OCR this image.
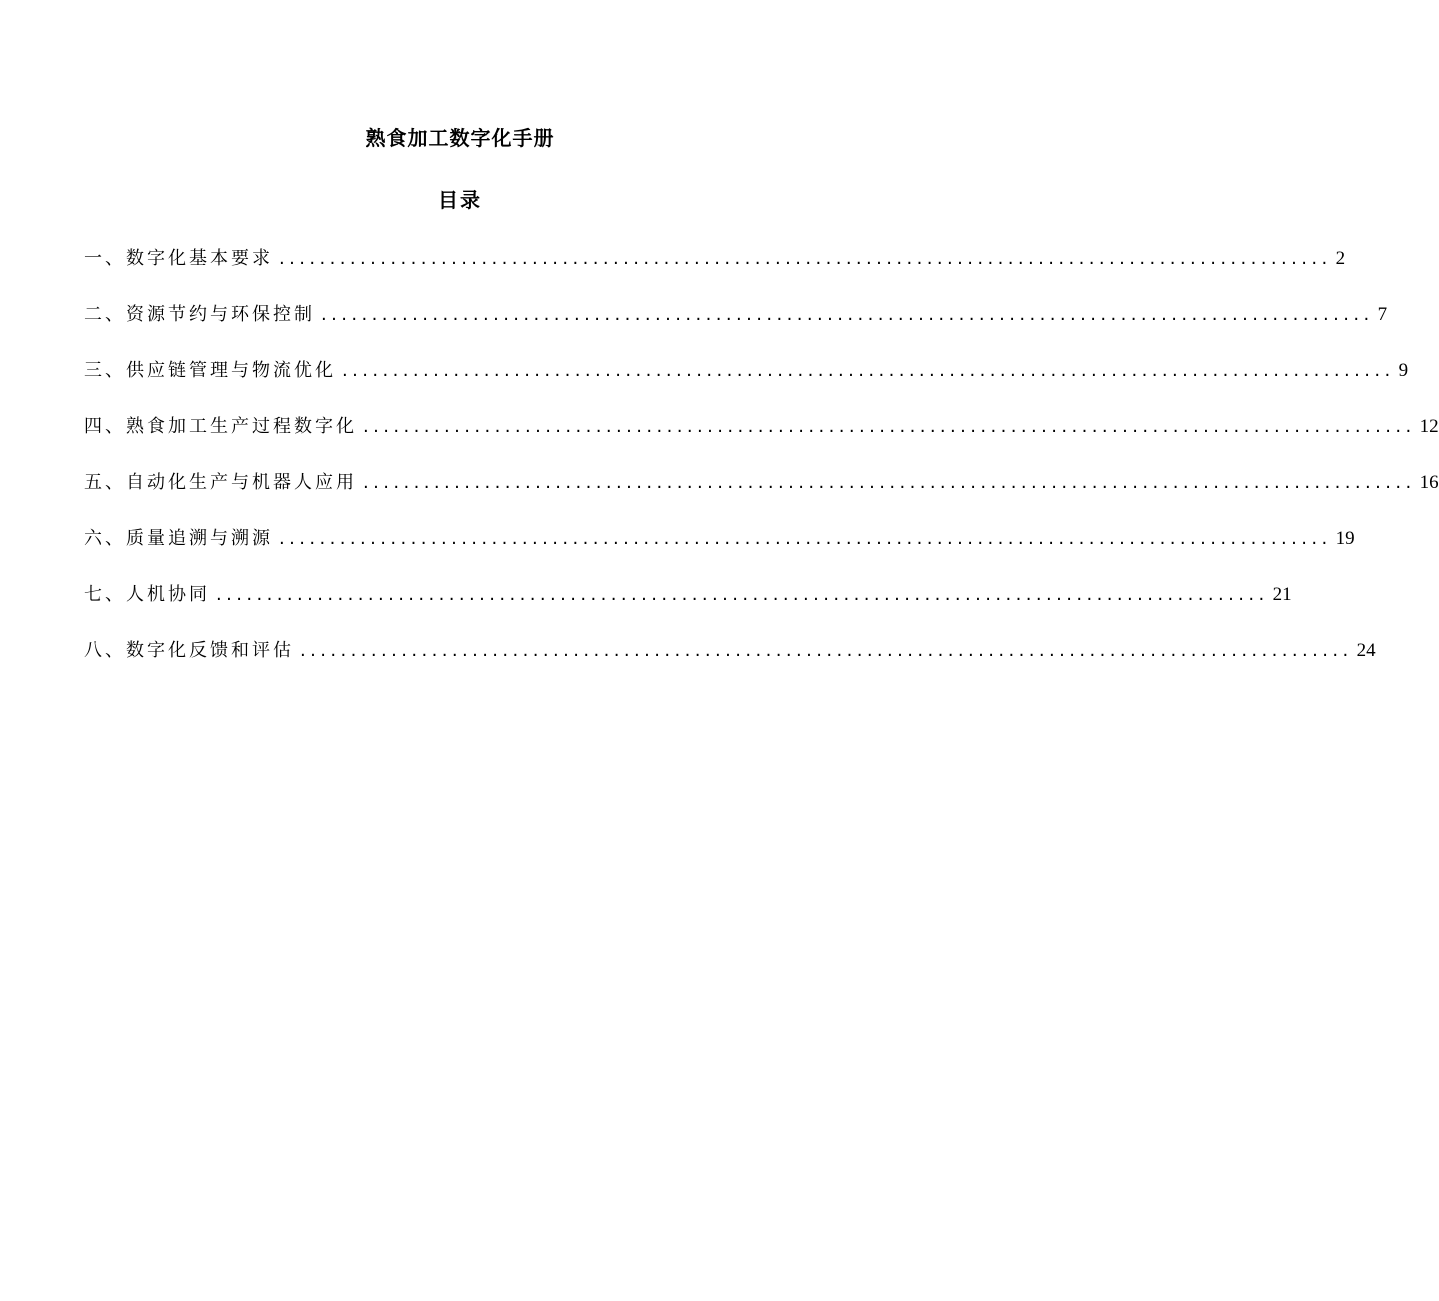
熟食加工数字化手册
目录
一、数字化基本要求 ........................................................................................................ 2
二、资源节约与环保控制 ........................................................................................................ 7
三、供应链管理与物流优化 ........................................................................................................ 9
四、熟食加工生产过程数字化 ........................................................................................................ 12
五、自动化生产与机器人应用 ........................................................................................................ 16
六、质量追溯与溯源 ........................................................................................................ 19
七、人机协同 ........................................................................................................ 21
八、数字化反馈和评估 ........................................................................................................ 24
